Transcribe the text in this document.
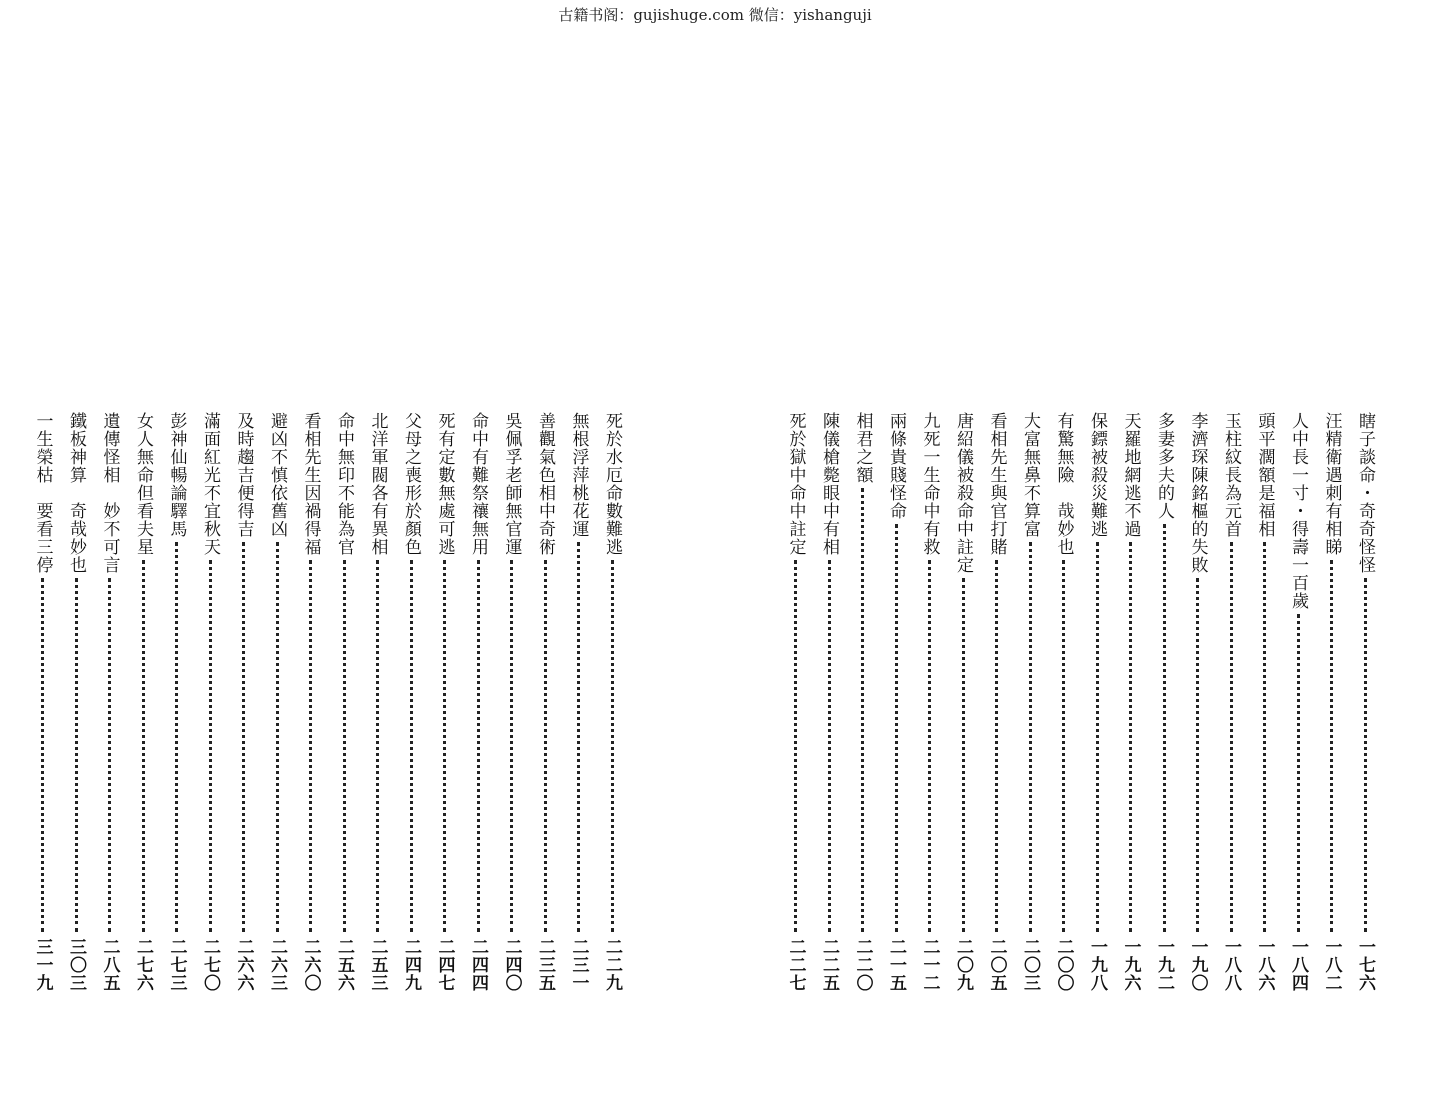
古籍书阁：gujishuge.com 微信：yishanguji
死於水厄命數難逃
二二九
無根浮萍桃花運
二三一
善觀氣色相中奇術
二三五
吳佩孚老師無官運
二四〇
命中有難祭禳無用
二四四
死有定數無處可逃
二四七
父母之喪形於顏色
二四九
北洋軍閥各有異相
二五三
命中無印不能為官
二五六
看相先生因禍得福
二六〇
避凶不慎依舊凶
二六三
及時趨吉便得吉
二六六
滿面紅光不宜秋天
二七〇
彭神仙暢論驛馬
二七三
女人無命但看夫星
二七六
遺傳怪相　妙不可言
二八五
鐵板神算　奇哉妙也
三〇三
一生榮枯　要看三停
三一九
瞎子談命・奇奇怪怪
一七六
汪精衛遇刺有相睇
一八二
人中長一寸・得壽一百歲
一八四
頭平濶額是福相
一八六
玉柱紋長為元首
一八八
李濟琛陳銘樞的失敗
一九〇
多妻多夫的人
一九二
天羅地網逃不過
一九六
保鏢被殺災難逃
一九八
有驚無險　哉妙也
二〇〇
大富無鼻不算富
二〇三
看相先生與官打賭
二〇五
唐紹儀被殺命中註定
二〇九
九死一生命中有救
二一二
兩條貴賤怪命
二一五
相君之額
二二〇
陳儀槍斃眼中有相
二二五
死於獄中命中註定
二二七
